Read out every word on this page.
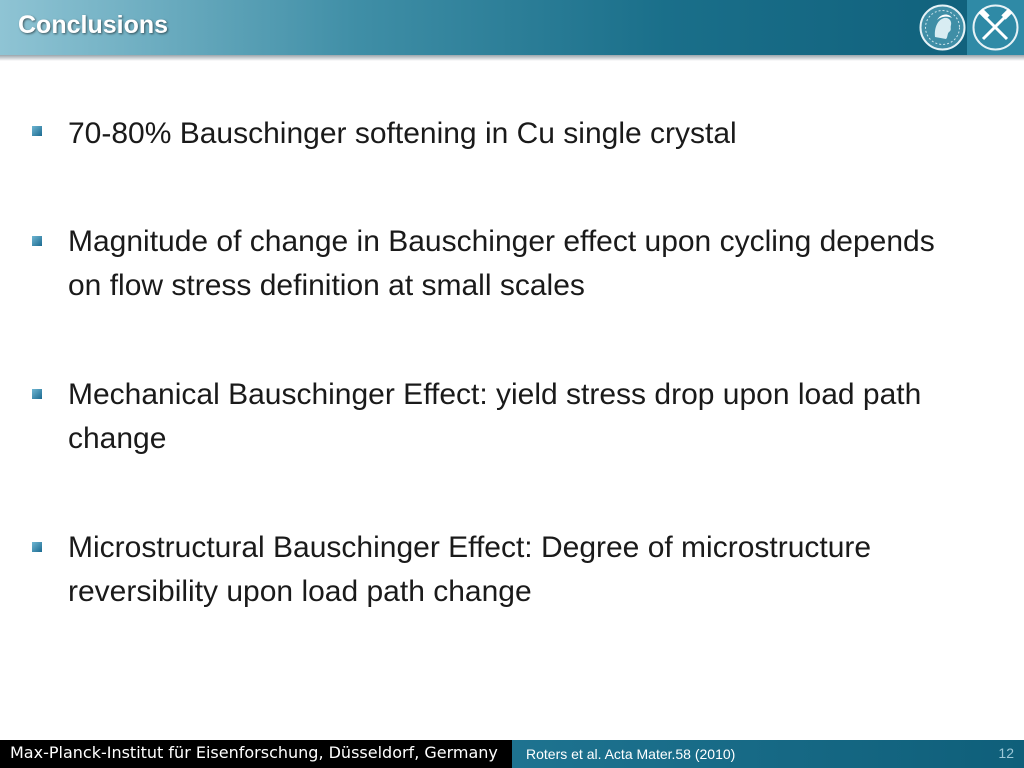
Conclusions

70-80% Bauschinger softening in Cu single crystal

Magnitude of change in Bauschinger effect upon cycling depends on flow stress definition at small scales

Mechanical Bauschinger Effect: yield stress drop upon load path change

Microstructural Bauschinger Effect: Degree of microstructure reversibility upon load path change

Max-Planck-Institut für Eisenforschung, Düsseldorf, Germany Roters et al. Acta Mater.58 (2010)	12
